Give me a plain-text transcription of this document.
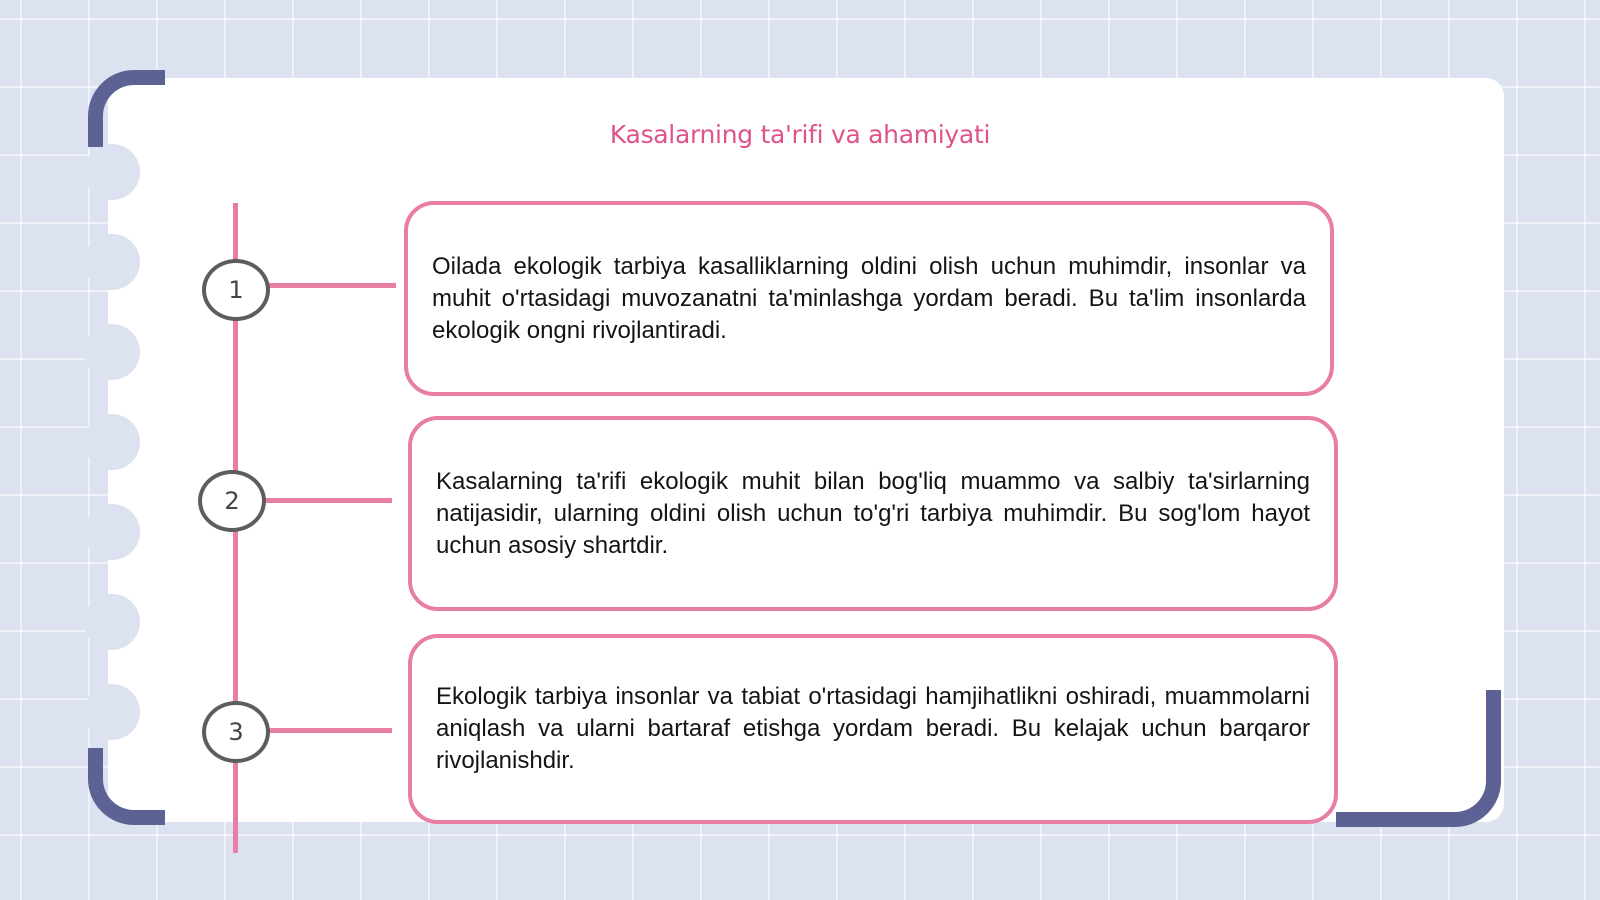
Kasalarning ta'rifi va ahamiyati
1

Oilada ekologik tarbiya kasalliklarning oldini olish uchun muhimdir, insonlar va muhit o'rtasidagi muvozanatni ta'minlashga yordam beradi. Bu ta'lim insonlarda ekologik ongni rivojlantiradi.

2

Kasalarning ta'rifi ekologik muhit bilan bog'liq muammo va salbiy ta'sirlarning natijasidir, ularning oldini olish uchun to'g'ri tarbiya muhimdir. Bu sog'lom hayot uchun asosiy shartdir.

3

Ekologik tarbiya insonlar va tabiat o'rtasidagi hamjihatlikni oshiradi, muammolarni aniqlash va ularni bartaraf etishga yordam beradi. Bu kelajak uchun barqaror rivojlanishdir.
